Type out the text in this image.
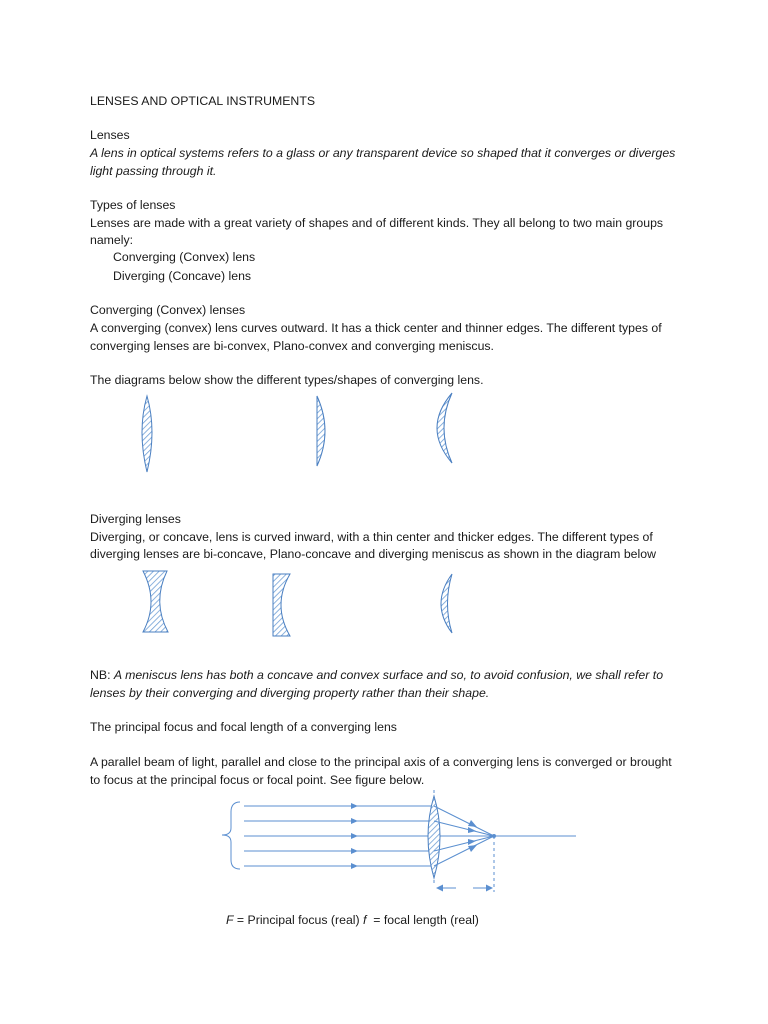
LENSES AND OPTICAL INSTRUMENTS

Lenses

A lens in optical systems refers to a glass or any transparent device so shaped that it converges or diverges

light passing through it.

Types of lenses

Lenses are made with a great variety of shapes and of different kinds. They all belong to two main groups

namely:

Converging (Convex) lens

Diverging (Concave) lens

Converging (Convex) lenses

A converging (convex) lens curves outward. It has a thick center and thinner edges. The different types of

converging lenses are bi-convex, Plano-convex and converging meniscus.

The diagrams below show the different types/shapes of converging lens.

Diverging lenses

Diverging, or concave, lens is curved inward, with a thin center and thicker edges. The different types of

diverging lenses are bi-concave, Plano-concave and diverging meniscus as shown in the diagram below

NB: A meniscus lens has both a concave and convex surface and so, to avoid confusion, we shall refer to

lenses by their converging and diverging property rather than their shape.

The principal focus and focal length of a converging lens

A parallel beam of light, parallel and close to the principal axis of a converging lens is converged or brought

to focus at the principal focus or focal point. See figure below.

F = Principal focus (real) f  = focal length (real)
